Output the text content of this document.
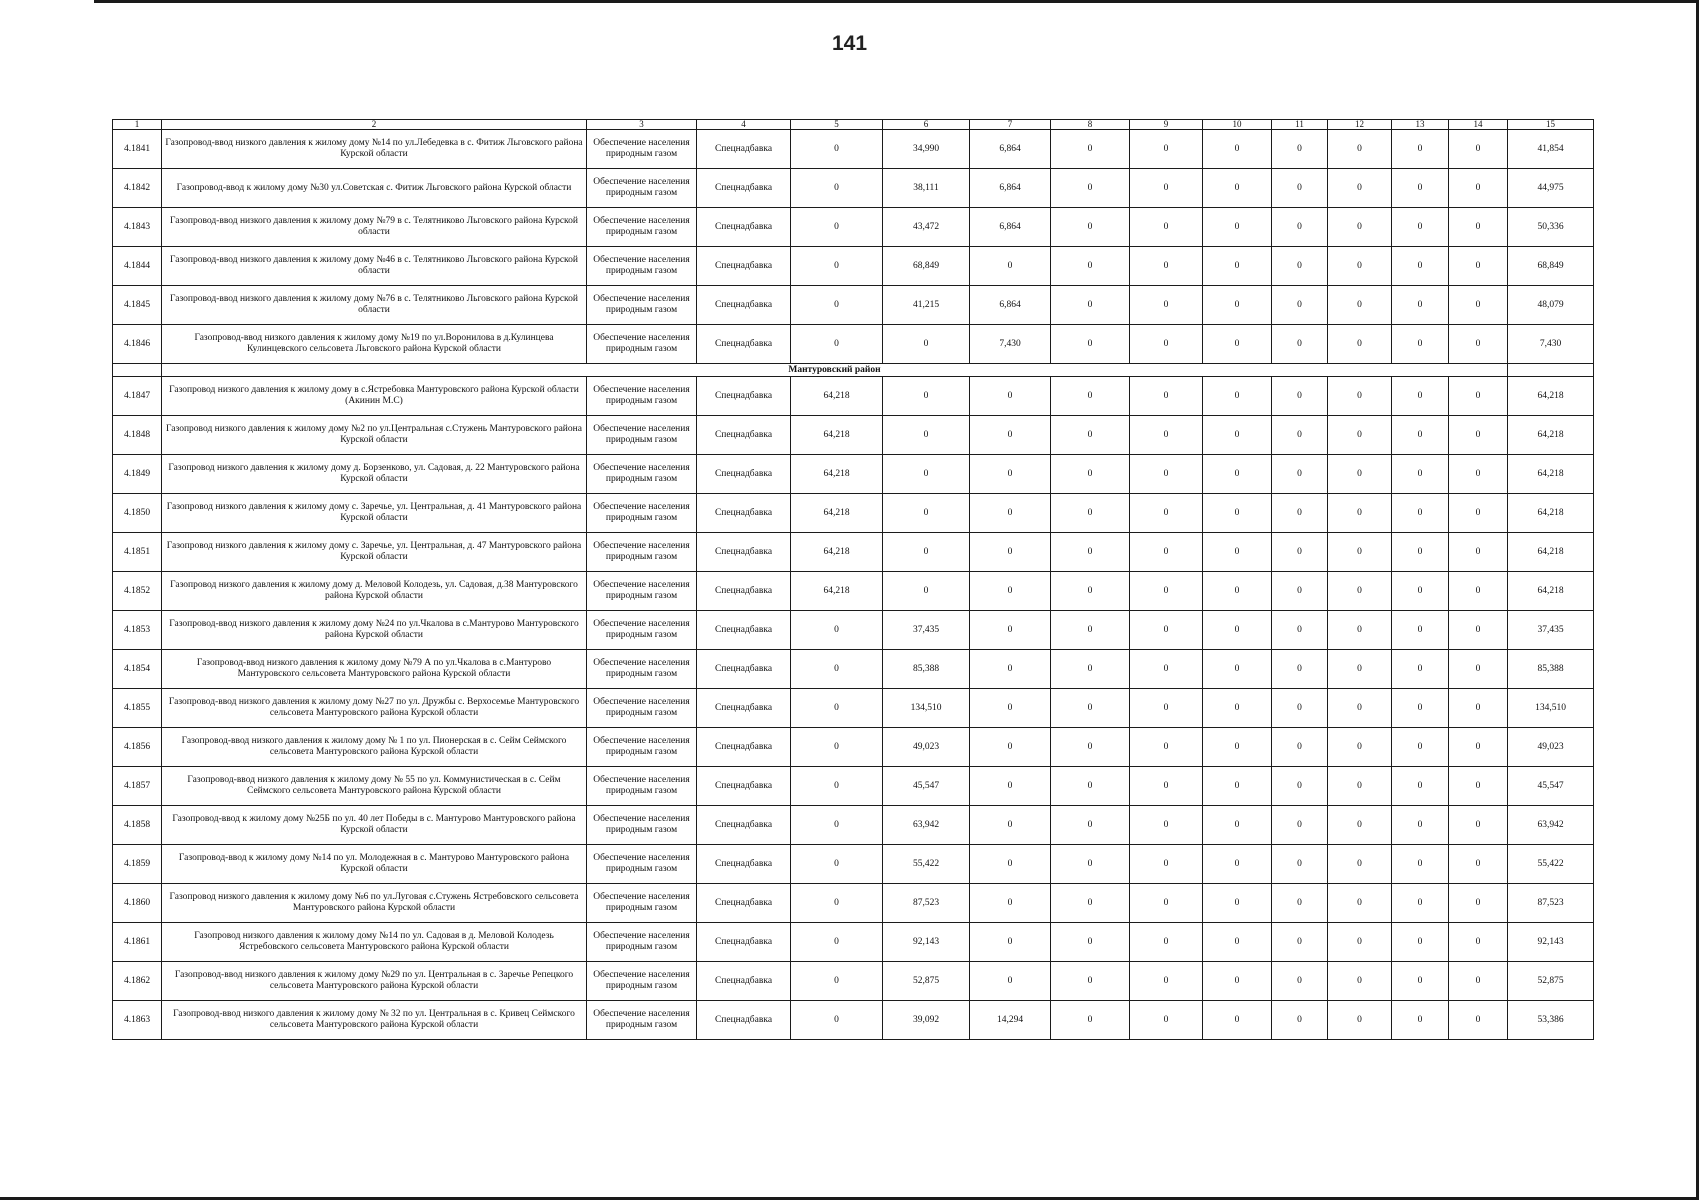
141
1	2	3	4	5	6	7	8	9	10	11	12	13	14	15
4.1841	Газопровод-ввод низкого давления к жилому дому №14 по ул.Лебедевка в с. Фитиж Льговского района Курской области	Обеспечение населения природным газом	Спецнадбавка	0	34,990	6,864	0	0	0	0	0	0	0	41,854
4.1842	Газопровод-ввод к жилому дому №30 ул.Советская с. Фитиж Льговского района Курской области	Обеспечение населения природным газом	Спецнадбавка	0	38,111	6,864	0	0	0	0	0	0	0	44,975
4.1843	Газопровод-ввод низкого давления к жилому дому №79 в с. Телятниково Льговского района Курской области	Обеспечение населения природным газом	Спецнадбавка	0	43,472	6,864	0	0	0	0	0	0	0	50,336
4.1844	Газопровод-ввод низкого давления к жилому дому №46 в с. Телятниково Льговского района Курской области	Обеспечение населения природным газом	Спецнадбавка	0	68,849	0	0	0	0	0	0	0	0	68,849
4.1845	Газопровод-ввод низкого давления к жилому дому №76 в с. Телятниково Льговского района Курской области	Обеспечение населения природным газом	Спецнадбавка	0	41,215	6,864	0	0	0	0	0	0	0	48,079
4.1846	Газопровод-ввод низкого давления к жилому дому №19 по ул.Воронилова в д.Кулинцева Кулинцевского сельсовета Льговского района Курской области	Обеспечение населения природным газом	Спецнадбавка	0	0	7,430	0	0	0	0	0	0	0	7,430
	Мантуровский район													
4.1847	Газопровод низкого давления к жилому дому в с.Ястребовка Мантуровского района Курской области (Акинин М.С)	Обеспечение населения природным газом	Спецнадбавка	64,218	0	0	0	0	0	0	0	0	0	64,218
4.1848	Газопровод низкого давления к жилому дому №2 по ул.Центральная с.Стужень Мантуровского района Курской области	Обеспечение населения природным газом	Спецнадбавка	64,218	0	0	0	0	0	0	0	0	0	64,218
4.1849	Газопровод низкого давления к жилому дому д. Борзенково, ул. Садовая, д. 22 Мантуровского района Курской области	Обеспечение населения природным газом	Спецнадбавка	64,218	0	0	0	0	0	0	0	0	0	64,218
4.1850	Газопровод низкого давления к жилому дому с. Заречье, ул. Центральная, д. 41 Мантуровского района Курской области	Обеспечение населения природным газом	Спецнадбавка	64,218	0	0	0	0	0	0	0	0	0	64,218
4.1851	Газопровод низкого давления к жилому дому с. Заречье, ул. Центральная, д. 47 Мантуровского района Курской области	Обеспечение населения природным газом	Спецнадбавка	64,218	0	0	0	0	0	0	0	0	0	64,218
4.1852	Газопровод низкого давления к жилому дому д. Меловой Колодезь, ул. Садовая, д.38 Мантуровского района Курской области	Обеспечение населения природным газом	Спецнадбавка	64,218	0	0	0	0	0	0	0	0	0	64,218
4.1853	Газопровод-ввод низкого давления к жилому дому №24 по ул.Чкалова в с.Мантурово Мантуровского района Курской области	Обеспечение населения природным газом	Спецнадбавка	0	37,435	0	0	0	0	0	0	0	0	37,435
4.1854	Газопровод-ввод низкого давления к жилому дому №79 А по ул.Чкалова в с.Мантурово Мантуровского сельсовета Мантуровского района Курской области	Обеспечение населения природным газом	Спецнадбавка	0	85,388	0	0	0	0	0	0	0	0	85,388
4.1855	Газопровод-ввод низкого давления к жилому дому №27 по ул. Дружбы с. Верхосемье Мантуровского сельсовета Мантуровского района Курской области	Обеспечение населения природным газом	Спецнадбавка	0	134,510	0	0	0	0	0	0	0	0	134,510
4.1856	Газопровод-ввод низкого давления к жилому дому № 1 по ул. Пионерская в с. Сейм Сеймского сельсовета Мантуровского района Курской области	Обеспечение населения природным газом	Спецнадбавка	0	49,023	0	0	0	0	0	0	0	0	49,023
4.1857	Газопровод-ввод низкого давления к жилому дому № 55 по ул. Коммунистическая в с. Сейм Сеймского сельсовета Мантуровского района Курской области	Обеспечение населения природным газом	Спецнадбавка	0	45,547	0	0	0	0	0	0	0	0	45,547
4.1858	Газопровод-ввод к жилому дому №25Б по ул. 40 лет Победы в с. Мантурово Мантуровского района Курской области	Обеспечение населения природным газом	Спецнадбавка	0	63,942	0	0	0	0	0	0	0	0	63,942
4.1859	Газопровод-ввод к жилому дому №14 по ул. Молодежная в с. Мантурово Мантуровского района Курской области	Обеспечение населения природным газом	Спецнадбавка	0	55,422	0	0	0	0	0	0	0	0	55,422
4.1860	Газопровод низкого давления к жилому дому №6 по ул.Луговая с.Стужень Ястребовского сельсовета Мантуровского района Курской области	Обеспечение населения природным газом	Спецнадбавка	0	87,523	0	0	0	0	0	0	0	0	87,523
4.1861	Газопровод низкого давления к жилому дому №14 по ул. Садовая в д. Меловой Колодезь Ястребовского сельсовета Мантуровского района Курской области	Обеспечение населения природным газом	Спецнадбавка	0	92,143	0	0	0	0	0	0	0	0	92,143
4.1862	Газопровод-ввод низкого давления к жилому дому №29 по ул. Центральная в с. Заречье Репецкого сельсовета Мантуровского района Курской области	Обеспечение населения природным газом	Спецнадбавка	0	52,875	0	0	0	0	0	0	0	0	52,875
4.1863	Газопровод-ввод низкого давления к жилому дому № 32 по ул. Центральная в с. Кривец Сеймского сельсовета Мантуровского района Курской области	Обеспечение населения природным газом	Спецнадбавка	0	39,092	14,294	0	0	0	0	0	0	0	53,386
